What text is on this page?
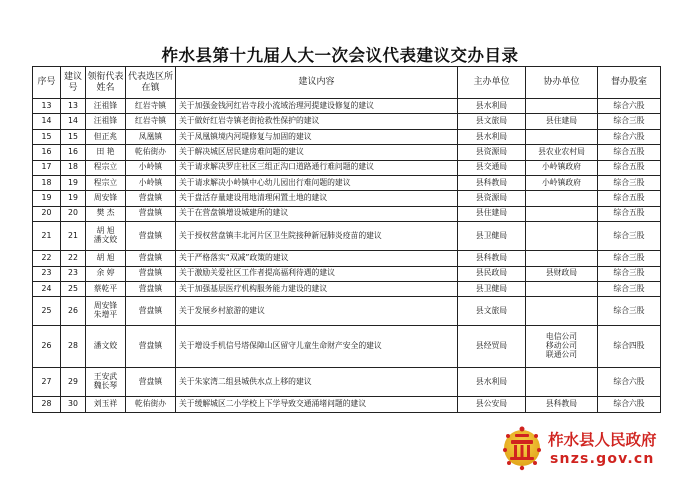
柞水县第十九届人大一次会议代表建议交办目录
序号	建议号	领衔代表姓名	代表选区所在镇	建议内容	主办单位	协办单位	督办股室
13	13	汪祖锋	红岩寺镇	关于加强金钱河红岩寺段小流域治理河提建设修复的建议	县水利局		综合六股
14	14	汪祖锋	红岩寺镇	关于做好红岩寺镇老街抢救性保护的建议	县文旅局	县住建局	综合三股
15	15	但正兆	凤凰镇	关于凤凰镇境内河堤修复与加固的建议	县水利局		综合六股
16	16	田 艳	乾佑街办	关于解决城区居民建房难问题的建议	县资源局	县农业农村局	综合五股
17	18	程宗立	小岭镇	关于请求解决罗庄社区三组正沟口道路通行难问题的建议	县交通局	小岭镇政府	综合五股
18	19	程宗立	小岭镇	关于请求解决小岭镇中心幼儿园出行难问题的建议	县科教局	小岭镇政府	综合三股
19	19	周安锋	营盘镇	关于盘活存量建设用地清理闲置土地的建议	县资源局		综合五股
20	20	樊 杰	营盘镇	关于在营盘镇增设城建所的建议	县住建局		综合五股
21	21	胡 旭
潘文姣	营盘镇	关于授权营盘镇丰北河片区卫生院接种新冠肺炎疫苗的建议	县卫健局		综合三股
22	22	胡 旭	营盘镇	关于严格落实“双减”政策的建议	县科教局		综合三股
23	23	余 婷	营盘镇	关于激励关爱社区工作者提高福利待遇的建议	县民政局	县财政局	综合三股
24	25	蔡乾平	营盘镇	关于加强基层医疗机构服务能力建设的建议	县卫健局		综合三股
25	26	周安锋
朱增平	营盘镇	关于发展乡村旅游的建议	县文旅局		综合三股
26	28	潘文姣	营盘镇	关于增设手机信号塔保障山区留守儿童生命财产安全的建议	县经贸局	电信公司
移动公司
联通公司	综合四股
27	29	王安武
魏长琴	营盘镇	关于朱家湾二组县城供水点上移的建议	县水利局		综合六股
28	30	刘玉祥	乾佑街办	关于缓解城区二小学校上下学导致交通涌堵问题的建议	县公安局	县科教局	综合六股
柞水县人民政府
snzs.gov.cn
